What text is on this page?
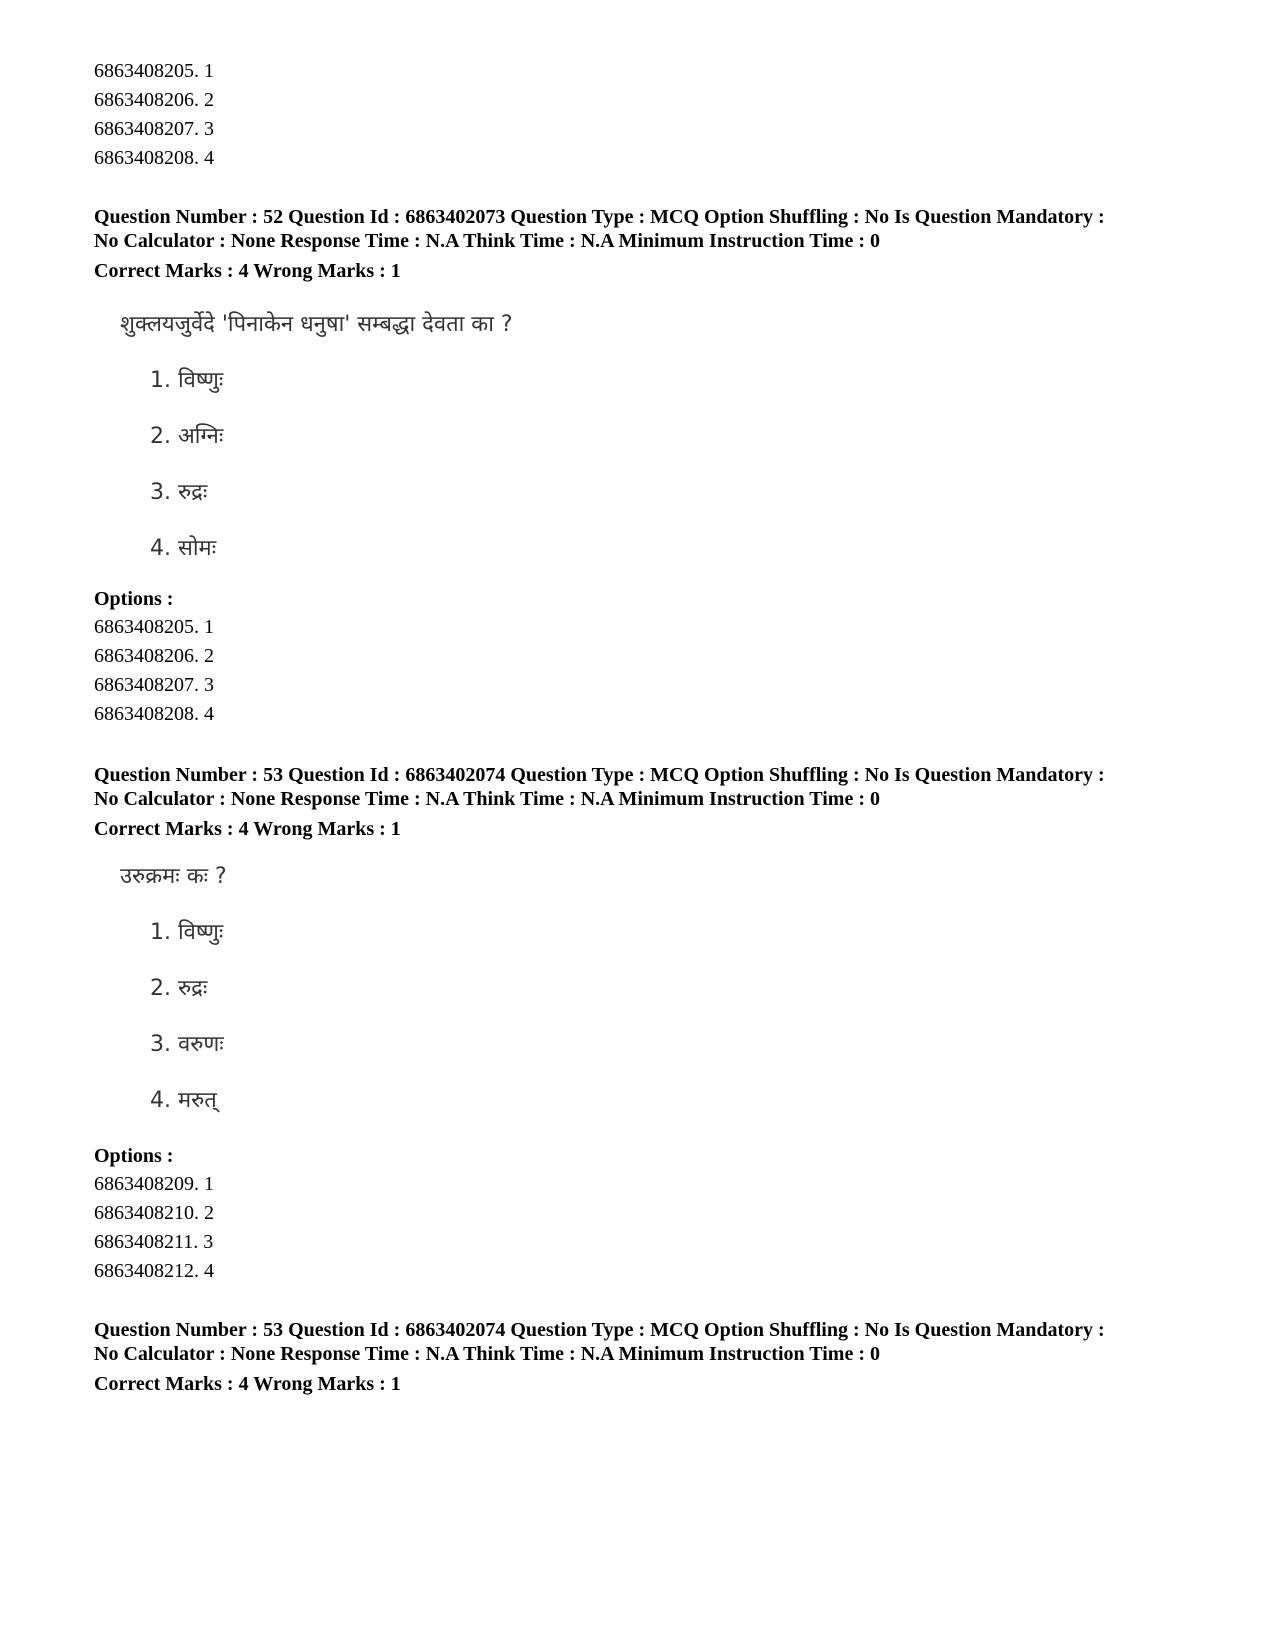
6863408205. 1
6863408206. 2
6863408207. 3
6863408208. 4
Question Number : 52 Question Id : 6863402073 Question Type : MCQ Option Shuffling : No Is Question Mandatory :
No Calculator : None Response Time : N.A Think Time : N.A Minimum Instruction Time : 0
Correct Marks : 4 Wrong Marks : 1
शुक्लयजुर्वेदे 'पिनाकेन धनुषा' सम्बद्धा देवता का ?
1. विष्णुः
2. अग्निः
3. रुद्रः
4. सोमः
Options :
6863408205. 1
6863408206. 2
6863408207. 3
6863408208. 4
Question Number : 53 Question Id : 6863402074 Question Type : MCQ Option Shuffling : No Is Question Mandatory :
No Calculator : None Response Time : N.A Think Time : N.A Minimum Instruction Time : 0
Correct Marks : 4 Wrong Marks : 1
उरुक्रमः कः ?
1. विष्णुः
2. रुद्रः
3. वरुणः
4. मरुत्
Options :
6863408209. 1
6863408210. 2
6863408211. 3
6863408212. 4
Question Number : 53 Question Id : 6863402074 Question Type : MCQ Option Shuffling : No Is Question Mandatory :
No Calculator : None Response Time : N.A Think Time : N.A Minimum Instruction Time : 0
Correct Marks : 4 Wrong Marks : 1
